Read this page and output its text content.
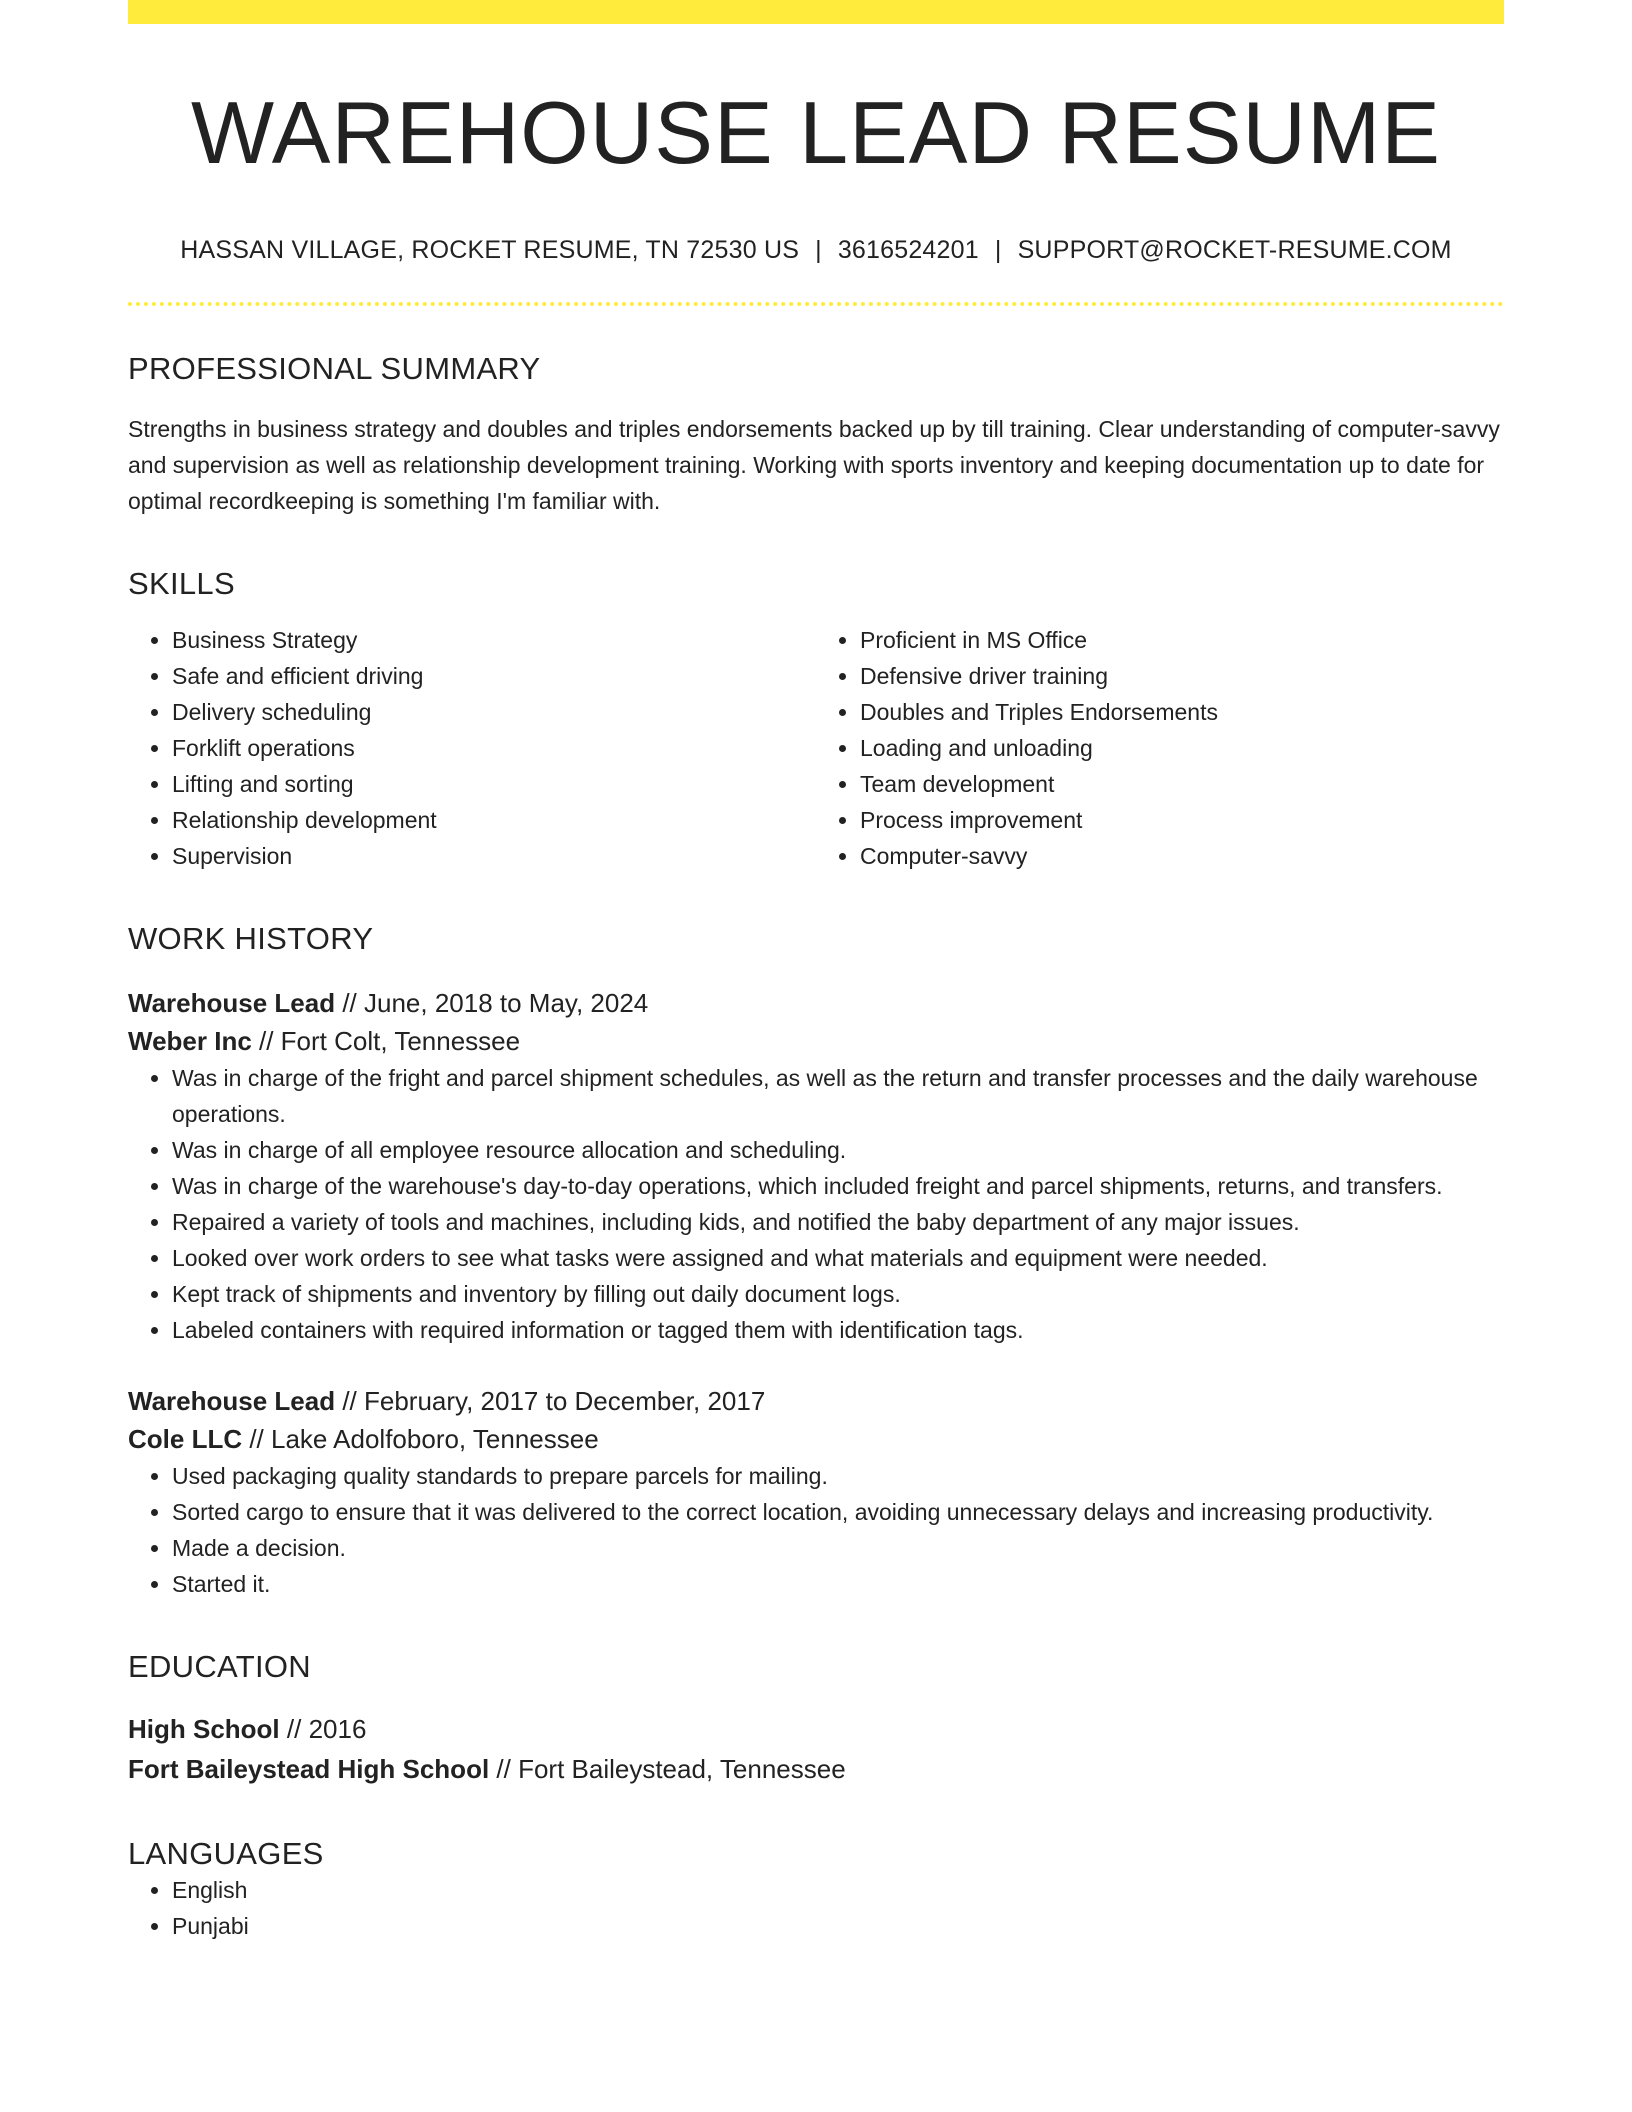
WAREHOUSE LEAD RESUME
HASSAN VILLAGE, ROCKET RESUME, TN 72530 US | 3616524201 | SUPPORT@ROCKET-RESUME.COM
PROFESSIONAL SUMMARY

Strengths in business strategy and doubles and triples endorsements backed up by till training. Clear understanding of computer-savvy and supervision as well as relationship development training. Working with sports inventory and keeping documentation up to date for optimal recordkeeping is something I'm familiar with.

SKILLS
• Business Strategy
• Safe and efficient driving
• Delivery scheduling
• Forklift operations
• Lifting and sorting
• Relationship development
• Supervision
• Proficient in MS Office
• Defensive driver training
• Doubles and Triples Endorsements
• Loading and unloading
• Team development
• Process improvement
• Computer-savvy
WORK HISTORY
Warehouse Lead // June, 2018 to May, 2024
Weber Inc // Fort Colt, Tennessee
• Was in charge of the fright and parcel shipment schedules, as well as the return and transfer processes and the daily warehouse operations.
• Was in charge of all employee resource allocation and scheduling.
• Was in charge of the warehouse's day-to-day operations, which included freight and parcel shipments, returns, and transfers.
• Repaired a variety of tools and machines, including kids, and notified the baby department of any major issues.
• Looked over work orders to see what tasks were assigned and what materials and equipment were needed.
• Kept track of shipments and inventory by filling out daily document logs.
• Labeled containers with required information or tagged them with identification tags.
Warehouse Lead // February, 2017 to December, 2017
Cole LLC // Lake Adolfoboro, Tennessee
• Used packaging quality standards to prepare parcels for mailing.
• Sorted cargo to ensure that it was delivered to the correct location, avoiding unnecessary delays and increasing productivity.
• Made a decision.
• Started it.
EDUCATION
High School // 2016
Fort Baileystead High School // Fort Baileystead, Tennessee
LANGUAGES
• English
• Punjabi
